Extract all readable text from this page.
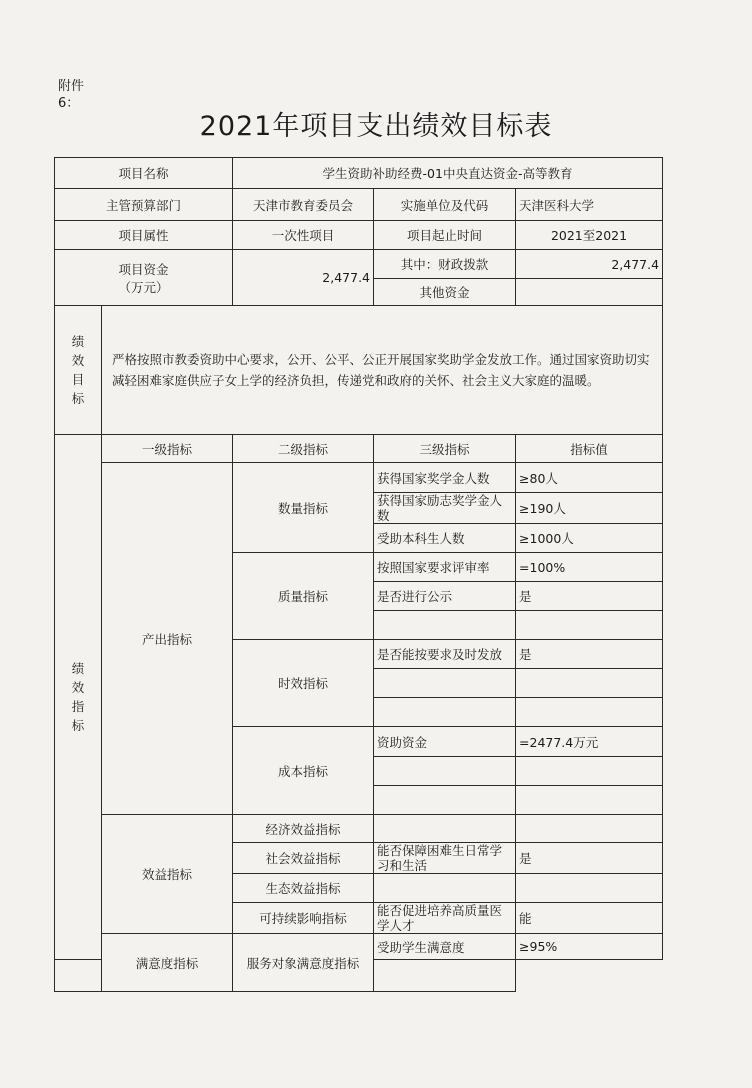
附件
6：
2021年项目支出绩效目标表
项目名称		学生资助补助经费-01中央直达资金-高等教育		
主管预算部门		天津市教育委员会	实施单位及代码	天津医科大学
项目属性		一次性项目	项目起止时间	2021至2021

项目资金
（万元）		2,477.4	其中：财政拨款	2,477.4
			其他资金	

绩
效
目
标	严格按照市教委资助中心要求，公开、公平、公正开展国家奖助学金发放工作。通过国家资助切实减轻困难家庭供应子女上学的经济负担，传递党和政府的关怀、社会主义大家庭的温暖。			

绩
效
指
标	一级指标	二级指标	三级指标	指标值
	产出指标	数量指标	获得国家奖学金人数	≥80人
			获得国家励志奖学金人数	≥190人
			受助本科生人数	≥1000人
		质量指标	按照国家要求评审率	=100%
			是否进行公示	是

		时效指标	是否能按要求及时发放	是

		成本指标	资助资金	=2477.4万元

	效益指标	经济效益指标		
		社会效益指标	能否保障困难生日常学习和生活	是
		生态效益指标		
		可持续影响指标	能否促进培养高质量医学人才	能
	满意度指标	服务对象满意度指标	受助学生满意度	≥95%
